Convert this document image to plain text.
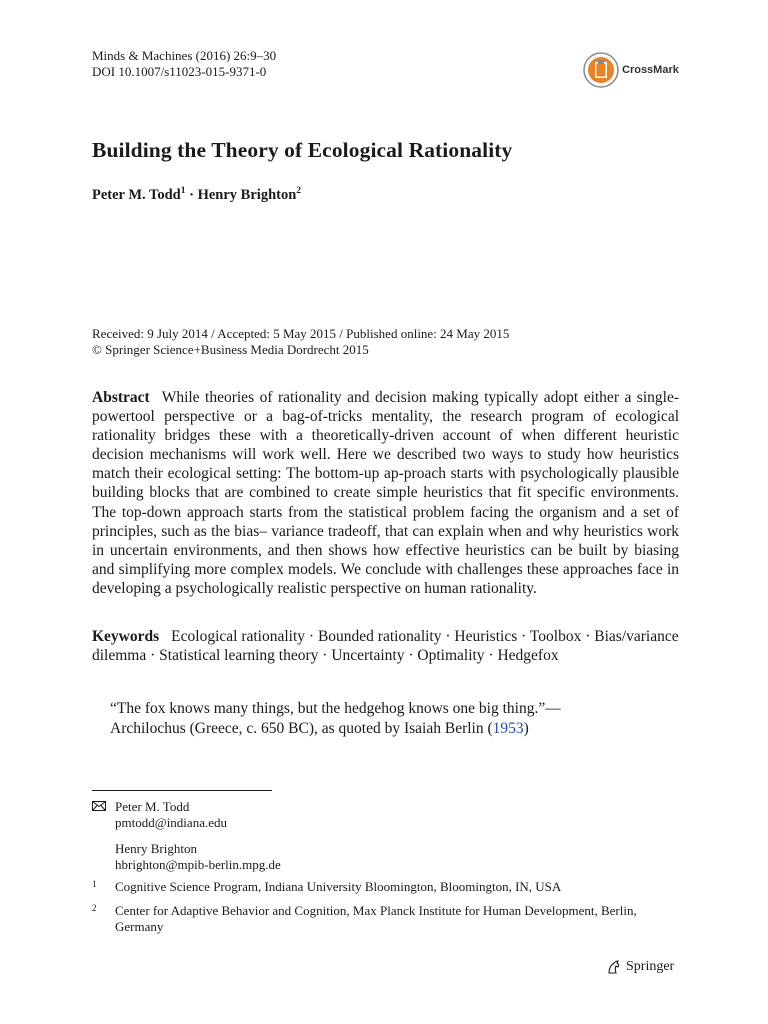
Minds & Machines (2016) 26:9–30
DOI 10.1007/s11023-015-9371-0	CrossMark
Building the Theory of Ecological Rationality
Peter M. Todd$^1$ · Henry Brighton$^2$
Received: 9 July 2014 / Accepted: 5 May 2015 / Published online: 24 May 2015
© Springer Science+Business Media Dordrecht 2015
Abstract While theories of rationality and decision making typically adopt either a single-powertool perspective or a bag-of-tricks mentality, the research program of ecological rationality bridges these with a theoretically-driven account of when different heuristic decision mechanisms will work well. Here we described two ways to study how heuristics match their ecological setting: The bottom-up ap-proach starts with psychologically plausible building blocks that are combined to create simple heuristics that fit specific environments. The top-down approach starts from the statistical problem facing the organism and a set of principles, such as the bias– variance tradeoff, that can explain when and why heuristics work in uncertain environments, and then shows how effective heuristics can be built by biasing and simplifying more complex models. We conclude with challenges these approaches face in developing a psychologically realistic perspective on human rationality.
Keywords Ecological rationality · Bounded rationality · Heuristics · Toolbox · Bias/variance dilemma · Statistical learning theory · Uncertainty · Optimality · Hedgefox
“The fox knows many things, but the hedgehog knows one big thing.”—
Archilochus (Greece, c. 650 BC), as quoted by Isaiah Berlin (1953)
Peter M. Todd
pmtodd@indiana.edu
Henry Brighton
hbrighton@mpib-berlin.mpg.de
1 Cognitive Science Program, Indiana University Bloomington, Bloomington, IN, USA
2 Center for Adaptive Behavior and Cognition, Max Planck Institute for Human Development, Berlin, Germany
Springer
